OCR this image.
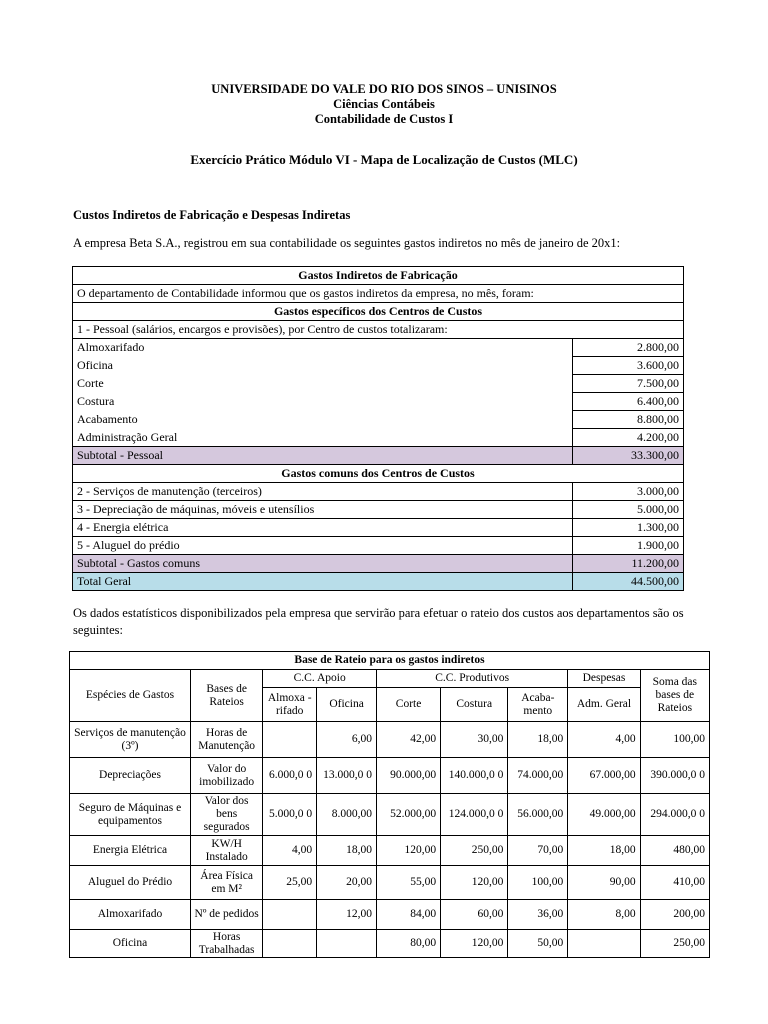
UNIVERSIDADE DO VALE DO RIO DOS SINOS – UNISINOS
Ciências Contábeis
Contabilidade de Custos I
Exercício Prático Módulo VI - Mapa de Localização de Custos (MLC)
Custos Indiretos de Fabricação e Despesas Indiretas
A empresa Beta S.A., registrou em sua contabilidade os seguintes gastos indiretos no mês de janeiro de 20x1:
Gastos Indiretos de Fabricação	
O departamento de Contabilidade informou que os gastos indiretos da empresa, no mês, foram:	
Gastos específicos dos Centros de Custos	
1 - Pessoal (salários, encargos e provisões), por Centro de custos totalizaram:	
Almoxarifado	2.800,00
Oficina	3.600,00
Corte	7.500,00
Costura	6.400,00
Acabamento	8.800,00
Administração Geral	4.200,00
Subtotal - Pessoal	33.300,00
Gastos comuns dos Centros de Custos	
2 - Serviços de manutenção (terceiros)	3.000,00
3 - Depreciação de máquinas, móveis e utensílios	5.000,00
4 - Energia elétrica	1.300,00
5 - Aluguel do prédio	1.900,00
Subtotal - Gastos comuns	11.200,00
Total Geral	44.500,00
Os dados estatísticos disponibilizados pela empresa que servirão para efetuar o rateio dos custos aos departamentos são os seguintes:
Base de Rateio para os gastos indiretos								
Espécies de Gastos	Bases de Rateios	C.C. Apoio		C.C. Produtivos			Despesas	Soma das bases de Rateios
		Almoxa -rifado	Oficina	Corte	Costura	Acaba- mento	Adm. Geral	
Serviços de manutenção (3º)	Horas de Manutenção		6,00	42,00	30,00	18,00	4,00	100,00
Depreciações	Valor do imobilizado	6.000,0 0	13.000,0 0	90.000,00	140.000,0 0	74.000,00	67.000,00	390.000,0 0
Seguro de Máquinas e equipamentos	Valor dos bens segurados	5.000,0 0	8.000,00	52.000,00	124.000,0 0	56.000,00	49.000,00	294.000,0 0
Energia Elétrica	KW/H Instalado	4,00	18,00	120,00	250,00	70,00	18,00	480,00
Aluguel do Prédio	Área Física em M²	25,00	20,00	55,00	120,00	100,00	90,00	410,00
Almoxarifado	Nº de pedidos		12,00	84,00	60,00	36,00	8,00	200,00
Oficina	Horas Trabalhadas			80,00	120,00	50,00		250,00
